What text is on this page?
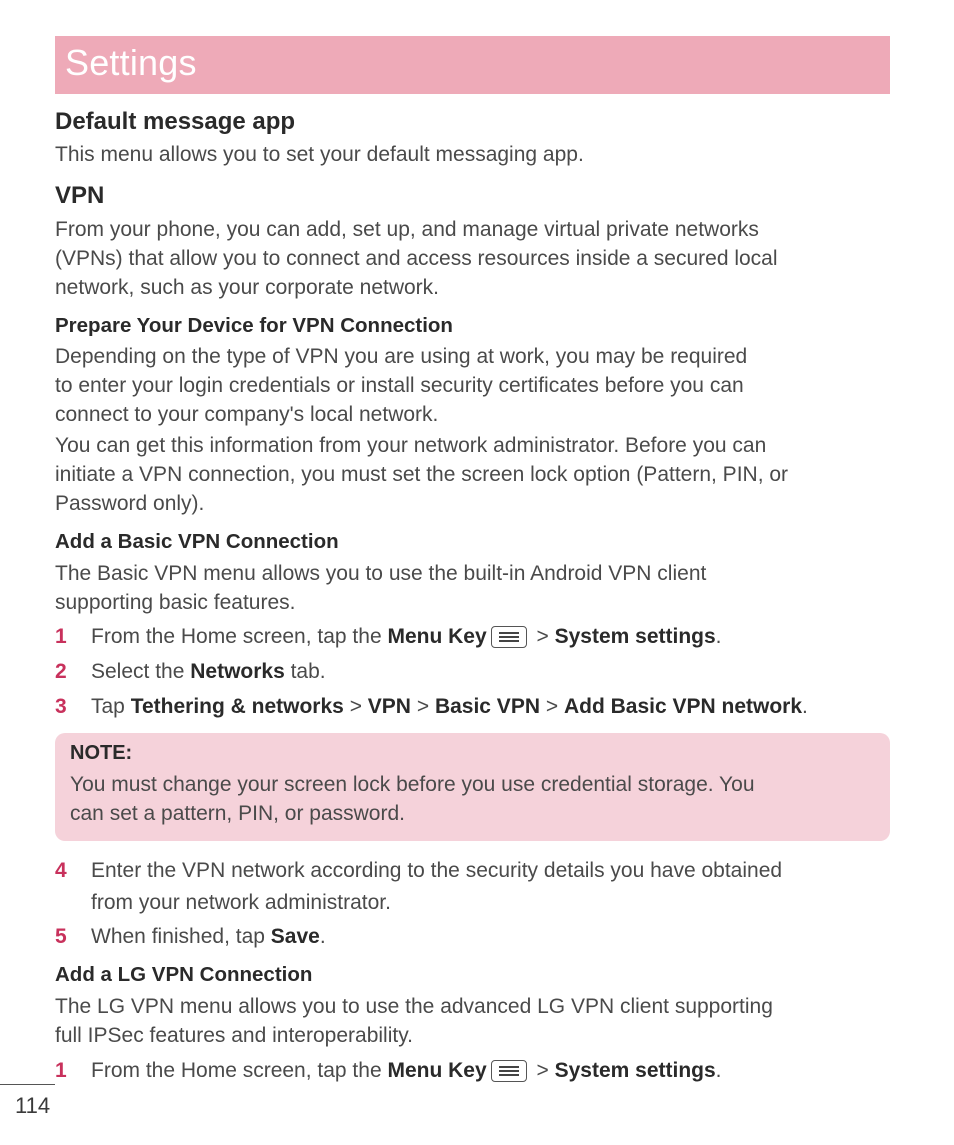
Settings
Default message app
This menu allows you to set your default messaging app.
VPN
From your phone, you can add, set up, and manage virtual private networks
(VPNs) that allow you to connect and access resources inside a secured local
network, such as your corporate network.
Prepare Your Device for VPN Connection
Depending on the type of VPN you are using at work, you may be required
to enter your login credentials or install security certificates before you can
connect to your company's local network.
You can get this information from your network administrator. Before you can
initiate a VPN connection, you must set the screen lock option (Pattern, PIN, or
Password only).
Add a Basic VPN Connection
The Basic VPN menu allows you to use the built-in Android VPN client
supporting basic features.
1 From the Home screen, tap the Menu Key > System settings.
2 Select the Networks tab.
3 Tap Tethering & networks > VPN > Basic VPN > Add Basic VPN network.
NOTE:
You must change your screen lock before you use credential storage. You
can set a pattern, PIN, or password.
4 Enter the VPN network according to the security details you have obtained
from your network administrator.
5 When finished, tap Save.
Add a LG VPN Connection
The LG VPN menu allows you to use the advanced LG VPN client supporting
full IPSec features and interoperability.
1 From the Home screen, tap the Menu Key > System settings.
114
